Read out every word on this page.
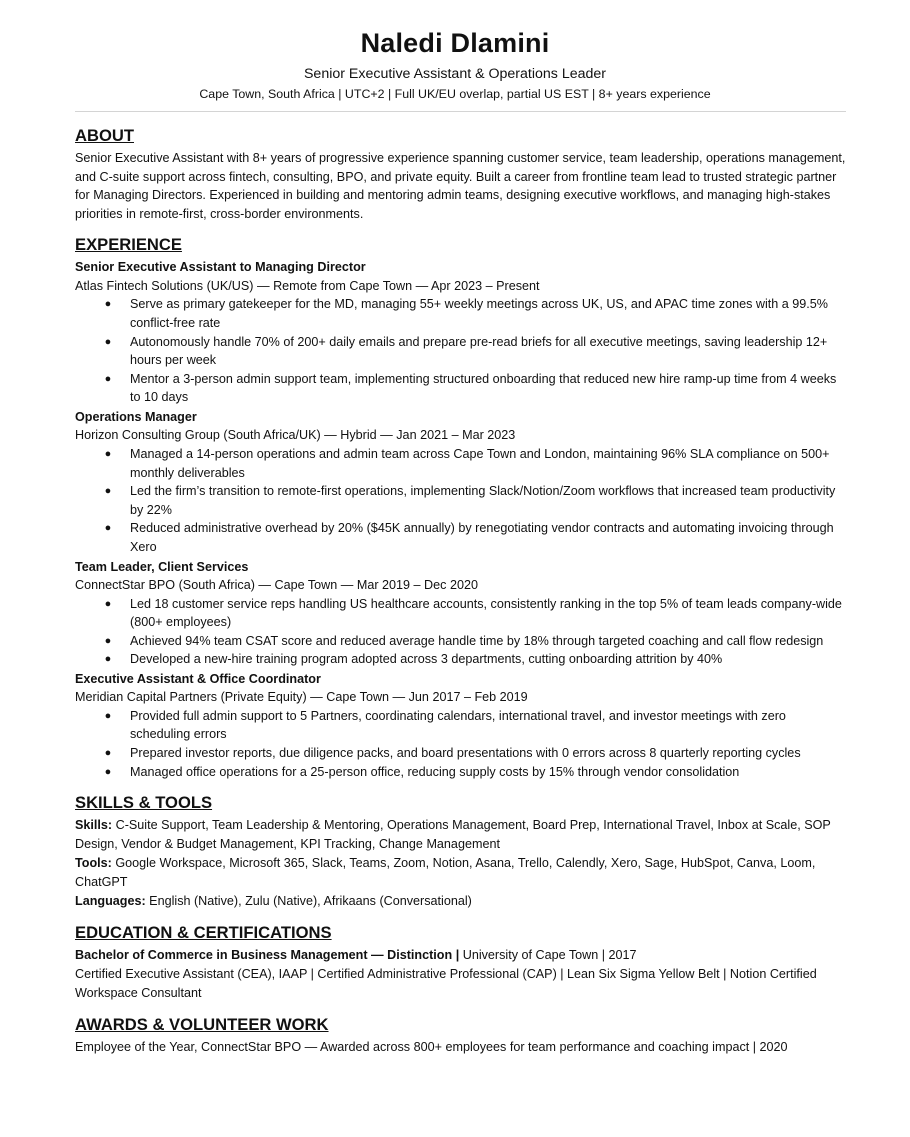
Naledi Dlamini
Senior Executive Assistant & Operations Leader
Cape Town, South Africa | UTC+2 | Full UK/EU overlap, partial US EST | 8+ years experience
ABOUT
Senior Executive Assistant with 8+ years of progressive experience spanning customer service, team leadership, operations management, and C-suite support across fintech, consulting, BPO, and private equity. Built a career from frontline team lead to trusted strategic partner for Managing Directors. Experienced in building and mentoring admin teams, designing executive workflows, and managing high-stakes priorities in remote-first, cross-border environments.
EXPERIENCE
Senior Executive Assistant to Managing Director
Atlas Fintech Solutions (UK/US) — Remote from Cape Town — Apr 2023 – Present
● Serve as primary gatekeeper for the MD, managing 55+ weekly meetings across UK, US, and APAC time zones with a 99.5% conflict-free rate
● Autonomously handle 70% of 200+ daily emails and prepare pre-read briefs for all executive meetings, saving leadership 12+ hours per week
● Mentor a 3-person admin support team, implementing structured onboarding that reduced new hire ramp-up time from 4 weeks to 10 days
Operations Manager
Horizon Consulting Group (South Africa/UK) — Hybrid — Jan 2021 – Mar 2023
● Managed a 14-person operations and admin team across Cape Town and London, maintaining 96% SLA compliance on 500+ monthly deliverables
● Led the firm’s transition to remote-first operations, implementing Slack/Notion/Zoom workflows that increased team productivity by 22%
● Reduced administrative overhead by 20% ($45K annually) by renegotiating vendor contracts and automating invoicing through Xero
Team Leader, Client Services
ConnectStar BPO (South Africa) — Cape Town — Mar 2019 – Dec 2020
● Led 18 customer service reps handling US healthcare accounts, consistently ranking in the top 5% of team leads company-wide (800+ employees)
● Achieved 94% team CSAT score and reduced average handle time by 18% through targeted coaching and call flow redesign
● Developed a new-hire training program adopted across 3 departments, cutting onboarding attrition by 40%
Executive Assistant & Office Coordinator
Meridian Capital Partners (Private Equity) — Cape Town — Jun 2017 – Feb 2019
● Provided full admin support to 5 Partners, coordinating calendars, international travel, and investor meetings with zero scheduling errors
● Prepared investor reports, due diligence packs, and board presentations with 0 errors across 8 quarterly reporting cycles
● Managed office operations for a 25-person office, reducing supply costs by 15% through vendor consolidation
SKILLS & TOOLS
Skills: C-Suite Support, Team Leadership & Mentoring, Operations Management, Board Prep, International Travel, Inbox at Scale, SOP Design, Vendor & Budget Management, KPI Tracking, Change Management
Tools: Google Workspace, Microsoft 365, Slack, Teams, Zoom, Notion, Asana, Trello, Calendly, Xero, Sage, HubSpot, Canva, Loom, ChatGPT
Languages: English (Native), Zulu (Native), Afrikaans (Conversational)
EDUCATION & CERTIFICATIONS
Bachelor of Commerce in Business Management — Distinction | University of Cape Town | 2017
Certified Executive Assistant (CEA), IAAP | Certified Administrative Professional (CAP) | Lean Six Sigma Yellow Belt | Notion Certified Workspace Consultant
AWARDS & VOLUNTEER WORK
Employee of the Year, ConnectStar BPO — Awarded across 800+ employees for team performance and coaching impact | 2020
